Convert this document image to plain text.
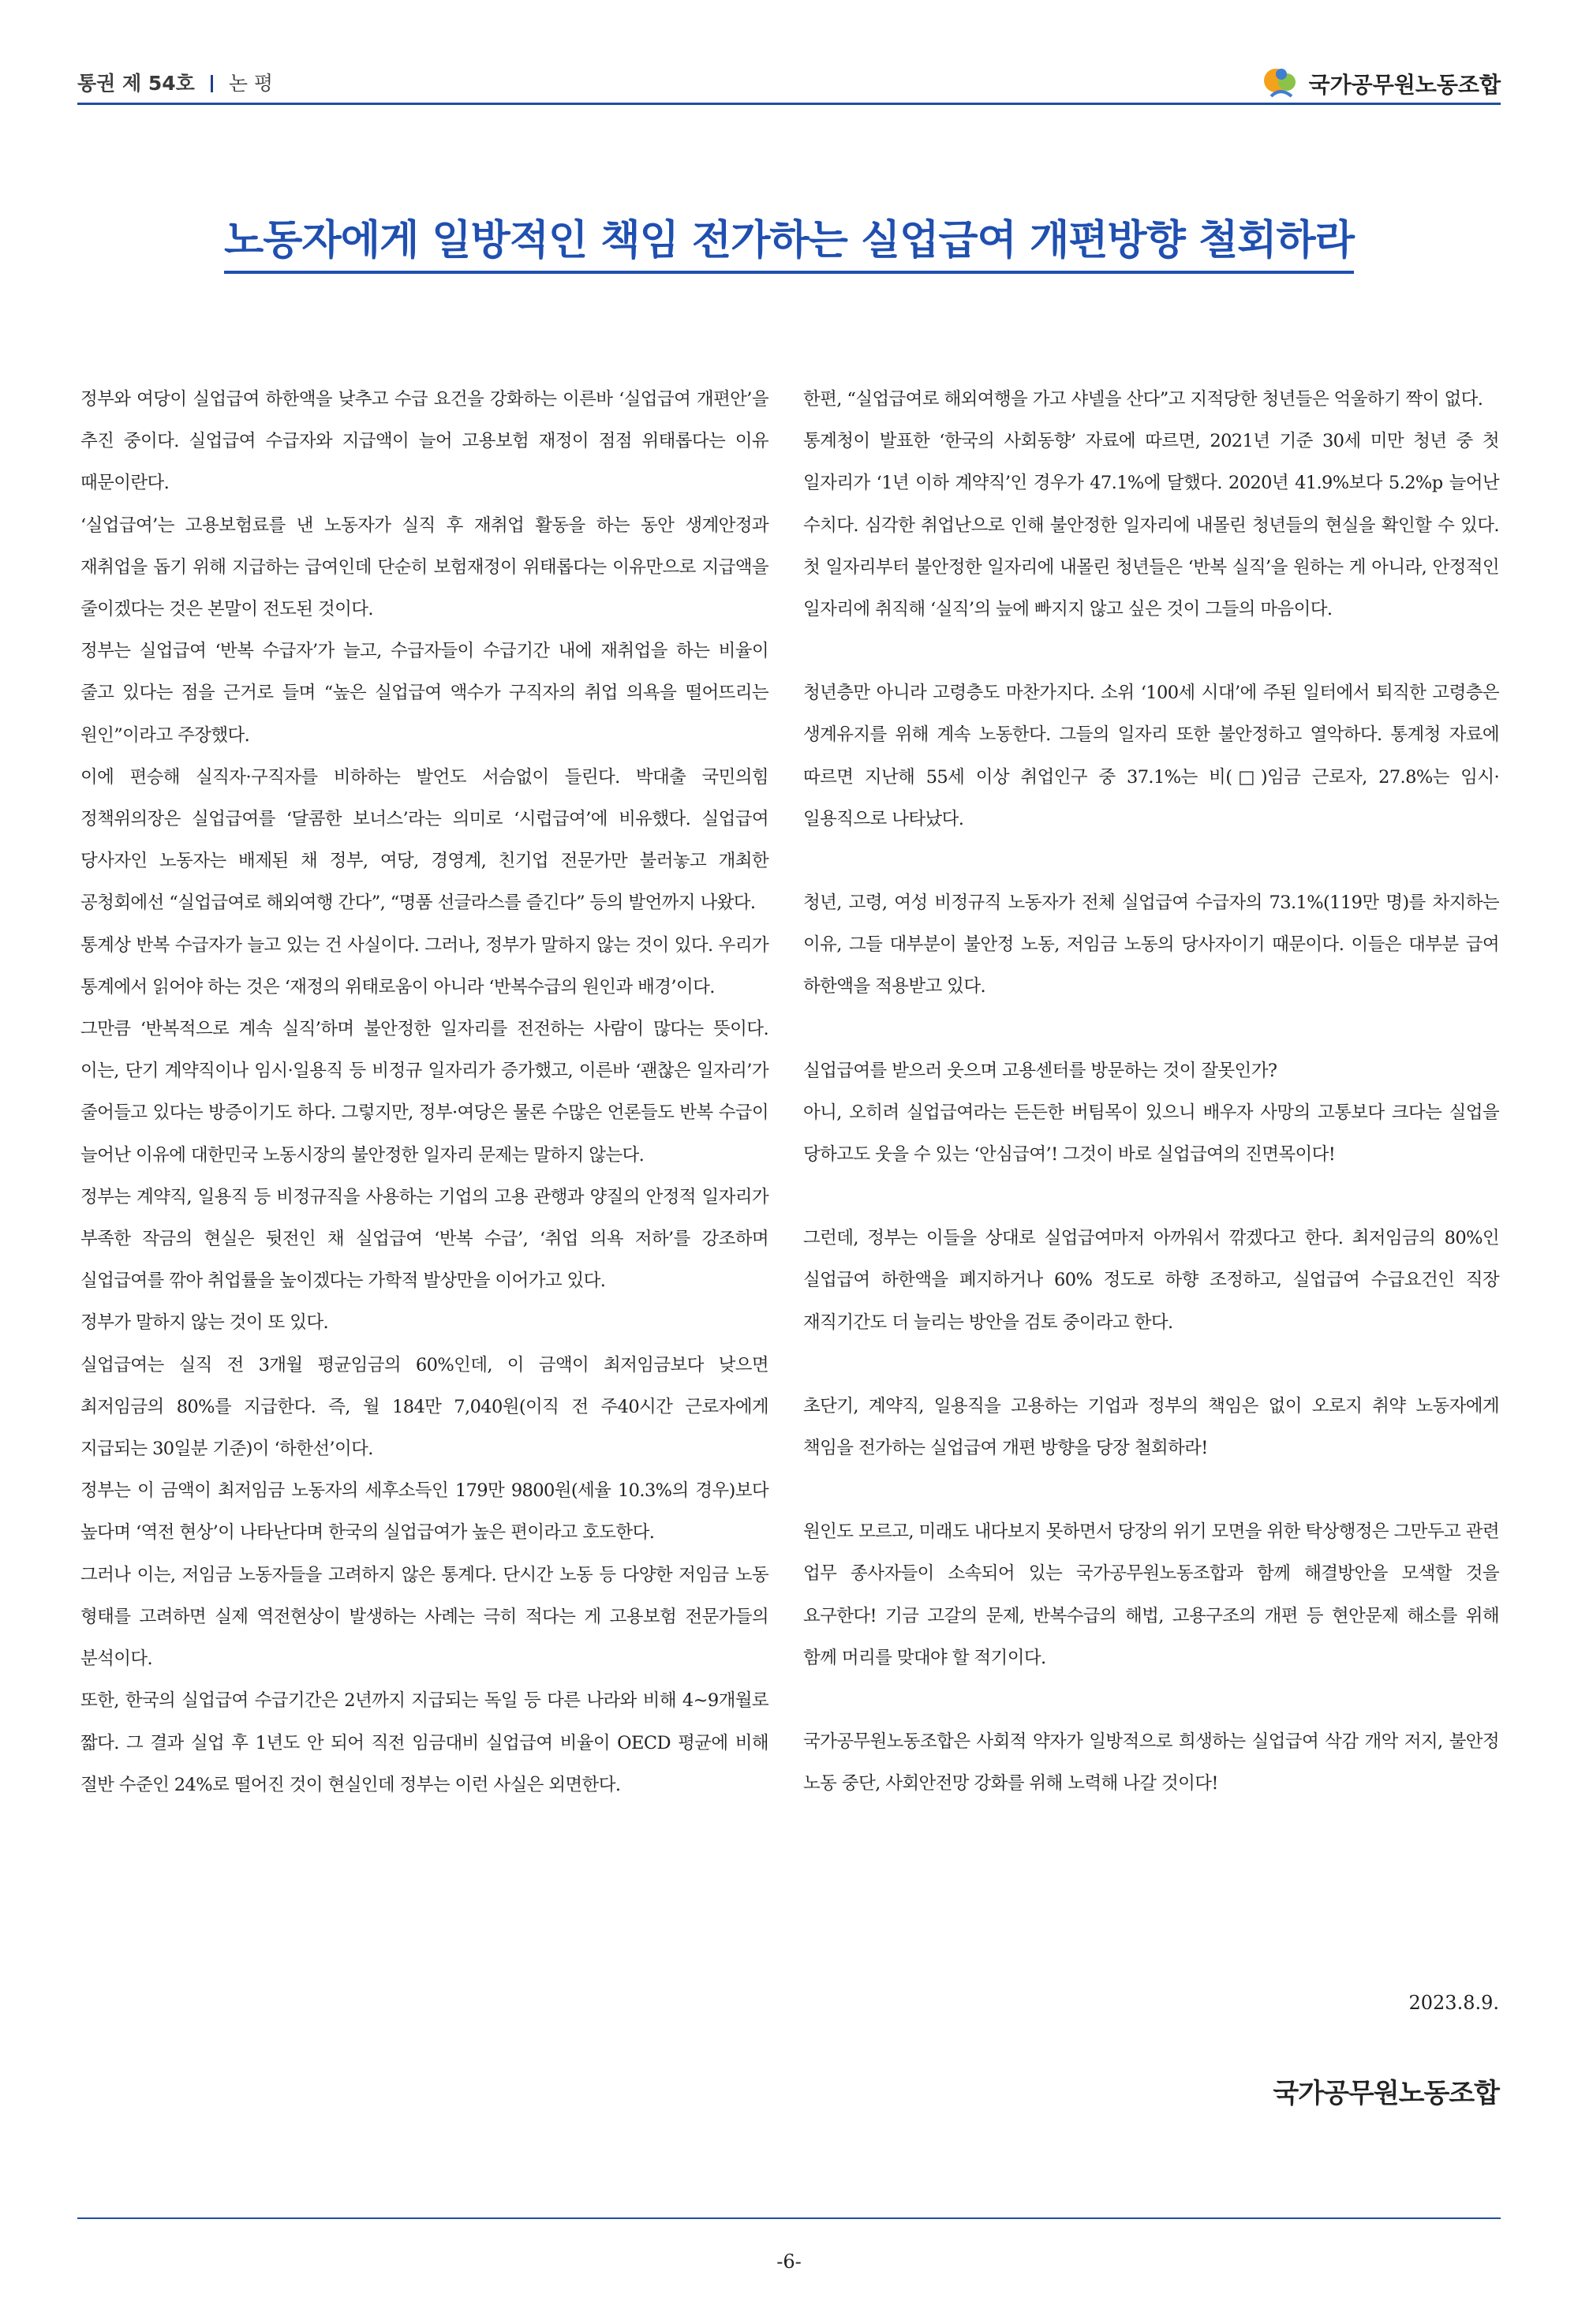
통권 제 54호 논 평	국가공무원노동조합
노동자에게 일방적인 책임 전가하는 실업급여 개편방향 철회하라

정부와 여당이 실업급여 하한액을 낮추고 수급 요건을 강화하는 이른바 ‘실업급여 개편안’을 추진 중이다. 실업급여 수급자와 지급액이 늘어 고용보험 재정이 점점 위태롭다는 이유 때문이란다.

‘실업급여’는 고용보험료를 낸 노동자가 실직 후 재취업 활동을 하는 동안 생계안정과 재취업을 돕기 위해 지급하는 급여인데 단순히 보험재정이 위태롭다는 이유만으로 지급액을 줄이겠다는 것은 본말이 전도된 것이다.

정부는 실업급여 ‘반복 수급자’가 늘고, 수급자들이 수급기간 내에 재취업을 하는 비율이 줄고 있다는 점을 근거로 들며 “높은 실업급여 액수가 구직자의 취업 의욕을 떨어뜨리는 원인”이라고 주장했다.

이에 편승해 실직자·구직자를 비하하는 발언도 서슴없이 들린다. 박대출 국민의힘 정책위의장은 실업급여를 ‘달콤한 보너스’라는 의미로 ‘시럽급여’에 비유했다. 실업급여 당사자인 노동자는 배제된 채 정부, 여당, 경영계, 친기업 전문가만 불러놓고 개최한 공청회에선 “실업급여로 해외여행 간다”, “명품 선글라스를 즐긴다” 등의 발언까지 나왔다.

통계상 반복 수급자가 늘고 있는 건 사실이다. 그러나, 정부가 말하지 않는 것이 있다. 우리가 통계에서 읽어야 하는 것은 ‘재정의 위태로움이 아니라 ‘반복수급의 원인과 배경’이다.

그만큼 ‘반복적으로 계속 실직’하며 불안정한 일자리를 전전하는 사람이 많다는 뜻이다. 이는, 단기 계약직이나 임시·일용직 등 비정규 일자리가 증가했고, 이른바 ‘괜찮은 일자리’가 줄어들고 있다는 방증이기도 하다. 그렇지만, 정부·여당은 물론 수많은 언론들도 반복 수급이 늘어난 이유에 대한민국 노동시장의 불안정한 일자리 문제는 말하지 않는다.

정부는 계약직, 일용직 등 비정규직을 사용하는 기업의 고용 관행과 양질의 안정적 일자리가 부족한 작금의 현실은 뒷전인 채 실업급여 ‘반복 수급’, ‘취업 의욕 저하’를 강조하며 실업급여를 깎아 취업률을 높이겠다는 가학적 발상만을 이어가고 있다.

정부가 말하지 않는 것이 또 있다.

실업급여는 실직 전 3개월 평균임금의 60%인데, 이 금액이 최저임금보다 낮으면 최저임금의 80%를 지급한다. 즉, 월 184만 7,040원(이직 전 주40시간 근로자에게 지급되는 30일분 기준)이 ‘하한선’이다.

정부는 이 금액이 최저임금 노동자의 세후소득인 179만 9800원(세율 10.3%의 경우)보다 높다며 ‘역전 현상’이 나타난다며 한국의 실업급여가 높은 편이라고 호도한다.

그러나 이는, 저임금 노동자들을 고려하지 않은 통계다. 단시간 노동 등 다양한 저임금 노동 형태를 고려하면 실제 역전현상이 발생하는 사례는 극히 적다는 게 고용보험 전문가들의 분석이다.

또한, 한국의 실업급여 수급기간은 2년까지 지급되는 독일 등 다른 나라와 비해 4~9개월로 짧다. 그 결과 실업 후 1년도 안 되어 직전 임금대비 실업급여 비율이 OECD 평균에 비해 절반 수준인 24%로 떨어진 것이 현실인데 정부는 이런 사실은 외면한다.

한편, “실업급여로 해외여행을 가고 샤넬을 산다”고 지적당한 청년들은 억울하기 짝이 없다.

통계청이 발표한 ‘한국의 사회동향’ 자료에 따르면, 2021년 기준 30세 미만 청년 중 첫 일자리가 ‘1년 이하 계약직’인 경우가 47.1%에 달했다. 2020년 41.9%보다 5.2%p 늘어난 수치다. 심각한 취업난으로 인해 불안정한 일자리에 내몰린 청년들의 현실을 확인할 수 있다. 첫 일자리부터 불안정한 일자리에 내몰린 청년들은 ‘반복 실직’을 원하는 게 아니라, 안정적인 일자리에 취직해 ‘실직’의 늪에 빠지지 않고 싶은 것이 그들의 마음이다.

청년층만 아니라 고령층도 마찬가지다. 소위 ‘100세 시대’에 주된 일터에서 퇴직한 고령층은 생계유지를 위해 계속 노동한다. 그들의 일자리 또한 불안정하고 열악하다. 통계청 자료에 따르면 지난해 55세 이상 취업인구 중 37.1%는 비(□)임금 근로자, 27.8%는 임시·일용직으로 나타났다.

청년, 고령, 여성 비정규직 노동자가 전체 실업급여 수급자의 73.1%(119만 명)를 차지하는 이유, 그들 대부분이 불안정 노동, 저임금 노동의 당사자이기 때문이다. 이들은 대부분 급여 하한액을 적용받고 있다.

실업급여를 받으러 웃으며 고용센터를 방문하는 것이 잘못인가?

아니, 오히려 실업급여라는 든든한 버팀목이 있으니 배우자 사망의 고통보다 크다는 실업을 당하고도 웃을 수 있는 ‘안심급여’! 그것이 바로 실업급여의 진면목이다!

그런데, 정부는 이들을 상대로 실업급여마저 아까워서 깎겠다고 한다. 최저임금의 80%인 실업급여 하한액을 폐지하거나 60% 정도로 하향 조정하고, 실업급여 수급요건인 직장 재직기간도 더 늘리는 방안을 검토 중이라고 한다.

초단기, 계약직, 일용직을 고용하는 기업과 정부의 책임은 없이 오로지 취약 노동자에게 책임을 전가하는 실업급여 개편 방향을 당장 철회하라!

원인도 모르고, 미래도 내다보지 못하면서 당장의 위기 모면을 위한 탁상행정은 그만두고 관련 업무 종사자들이 소속되어 있는 국가공무원노동조합과 함께 해결방안을 모색할 것을 요구한다! 기금 고갈의 문제, 반복수급의 해법, 고용구조의 개편 등 현안문제 해소를 위해 함께 머리를 맞대야 할 적기이다.

국가공무원노동조합은 사회적 약자가 일방적으로 희생하는 실업급여 삭감 개악 저지, 불안정 노동 중단, 사회안전망 강화를 위해 노력해 나갈 것이다!

2023.8.9.
국가공무원노동조합
-6-
